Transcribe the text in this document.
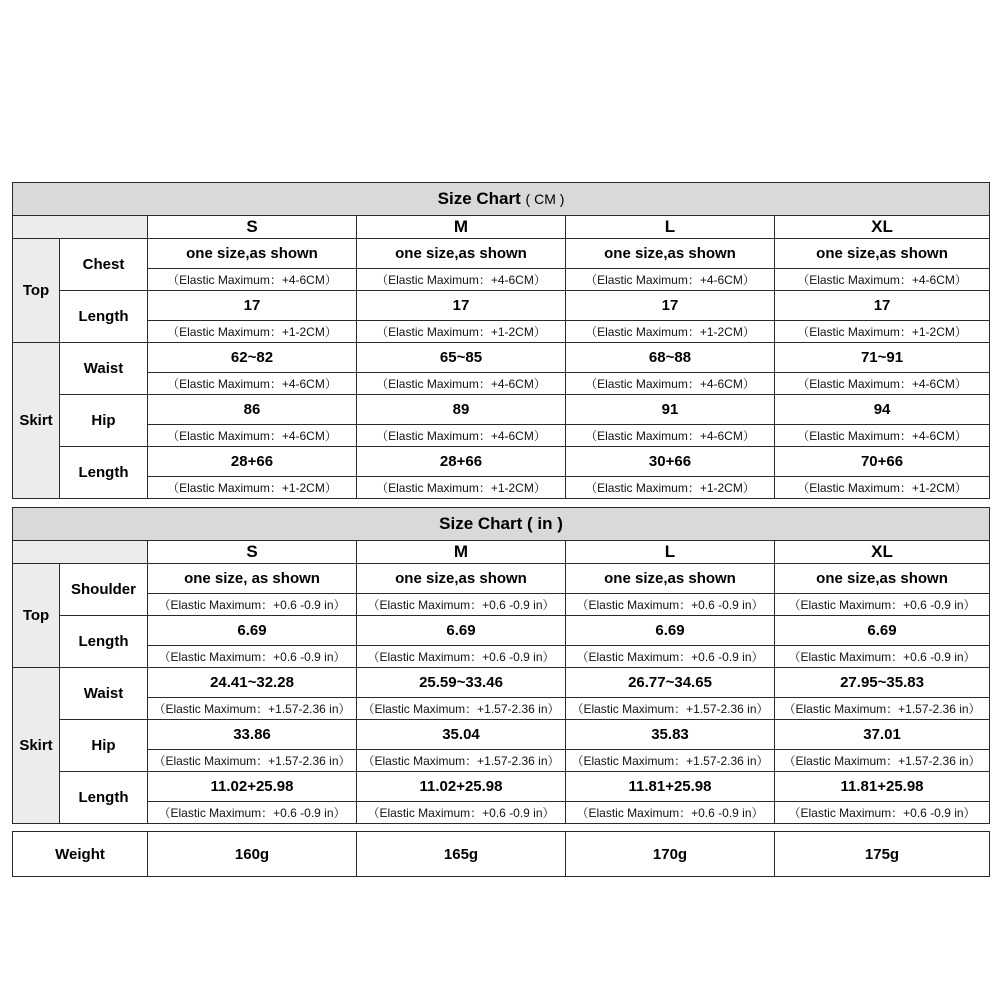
Size Chart ( CM )					
		S	M	L	XL
Top	Chest	one size,as shown	one size,as shown	one size,as shown	one size,as shown
		（Elastic Maximum：+4-6CM）	（Elastic Maximum：+4-6CM）	（Elastic Maximum：+4-6CM）	（Elastic Maximum：+4-6CM）
	Length	17	17	17	17
		（Elastic Maximum：+1-2CM）	（Elastic Maximum：+1-2CM）	（Elastic Maximum：+1-2CM）	（Elastic Maximum：+1-2CM）
Skirt	Waist	62~82	65~85	68~88	71~91
		（Elastic Maximum：+4-6CM）	（Elastic Maximum：+4-6CM）	（Elastic Maximum：+4-6CM）	（Elastic Maximum：+4-6CM）
	Hip	86	89	91	94
		（Elastic Maximum：+4-6CM）	（Elastic Maximum：+4-6CM）	（Elastic Maximum：+4-6CM）	（Elastic Maximum：+4-6CM）
	Length	28+66	28+66	30+66	70+66
		（Elastic Maximum：+1-2CM）	（Elastic Maximum：+1-2CM）	（Elastic Maximum：+1-2CM）	（Elastic Maximum：+1-2CM）
Size Chart ( in )					
		S	M	L	XL
Top	Shoulder	one size, as shown	one size,as shown	one size,as shown	one size,as shown
		（Elastic Maximum：+0.6 -0.9 in）	（Elastic Maximum：+0.6 -0.9 in）	（Elastic Maximum：+0.6 -0.9 in）	（Elastic Maximum：+0.6 -0.9 in）
	Length	6.69	6.69	6.69	6.69
		（Elastic Maximum：+0.6 -0.9 in）	（Elastic Maximum：+0.6 -0.9 in）	（Elastic Maximum：+0.6 -0.9 in）	（Elastic Maximum：+0.6 -0.9 in）
Skirt	Waist	24.41~32.28	25.59~33.46	26.77~34.65	27.95~35.83
		（Elastic Maximum：+1.57-2.36 in）	（Elastic Maximum：+1.57-2.36 in）	（Elastic Maximum：+1.57-2.36 in）	（Elastic Maximum：+1.57-2.36 in）
	Hip	33.86	35.04	35.83	37.01
		（Elastic Maximum：+1.57-2.36 in）	（Elastic Maximum：+1.57-2.36 in）	（Elastic Maximum：+1.57-2.36 in）	（Elastic Maximum：+1.57-2.36 in）
	Length	11.02+25.98	11.02+25.98	11.81+25.98	11.81+25.98
		（Elastic Maximum：+0.6 -0.9 in）	（Elastic Maximum：+0.6 -0.9 in）	（Elastic Maximum：+0.6 -0.9 in）	（Elastic Maximum：+0.6 -0.9 in）
Weight	160g	165g	170g	175g
